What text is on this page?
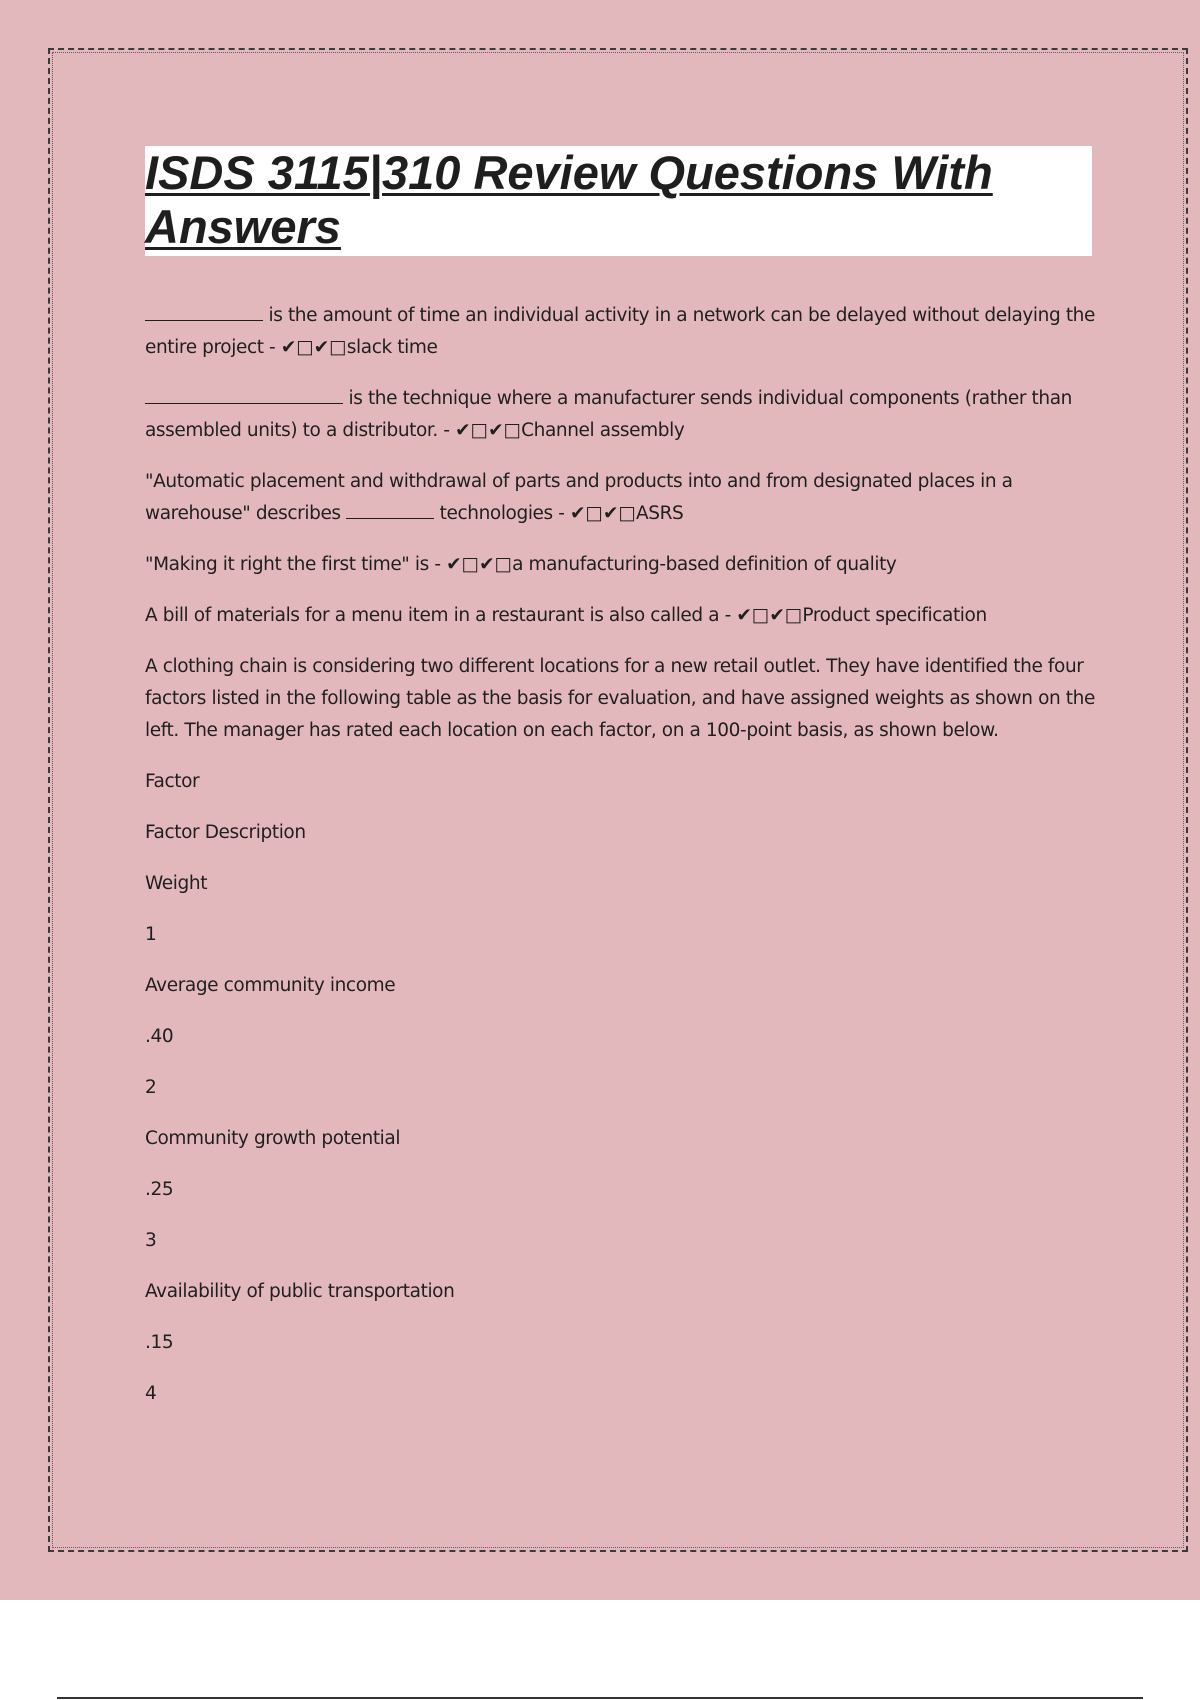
ISDS 3115|310 Review Questions With Answers

is the amount of time an individual activity in a network can be delayed without delaying the entire project - ✔□✔□slack time

is the technique where a manufacturer sends individual components (rather than assembled units) to a distributor. - ✔□✔□Channel assembly

"Automatic placement and withdrawal of parts and products into and from designated places in a warehouse" describes	technologies - ✔□✔□ASRS

"Making it right the first time" is - ✔□✔□a manufacturing-based definition of quality

A bill of materials for a menu item in a restaurant is also called a - ✔□✔□Product specification

A clothing chain is considering two different locations for a new retail outlet. They have identified the four factors listed in the following table as the basis for evaluation, and have assigned weights as shown on the left. The manager has rated each location on each factor, on a 100-point basis, as shown below.

Factor

Factor Description

Weight

1

Average community income

.40

2

Community growth potential

.25

3

Availability of public transportation

.15

4
